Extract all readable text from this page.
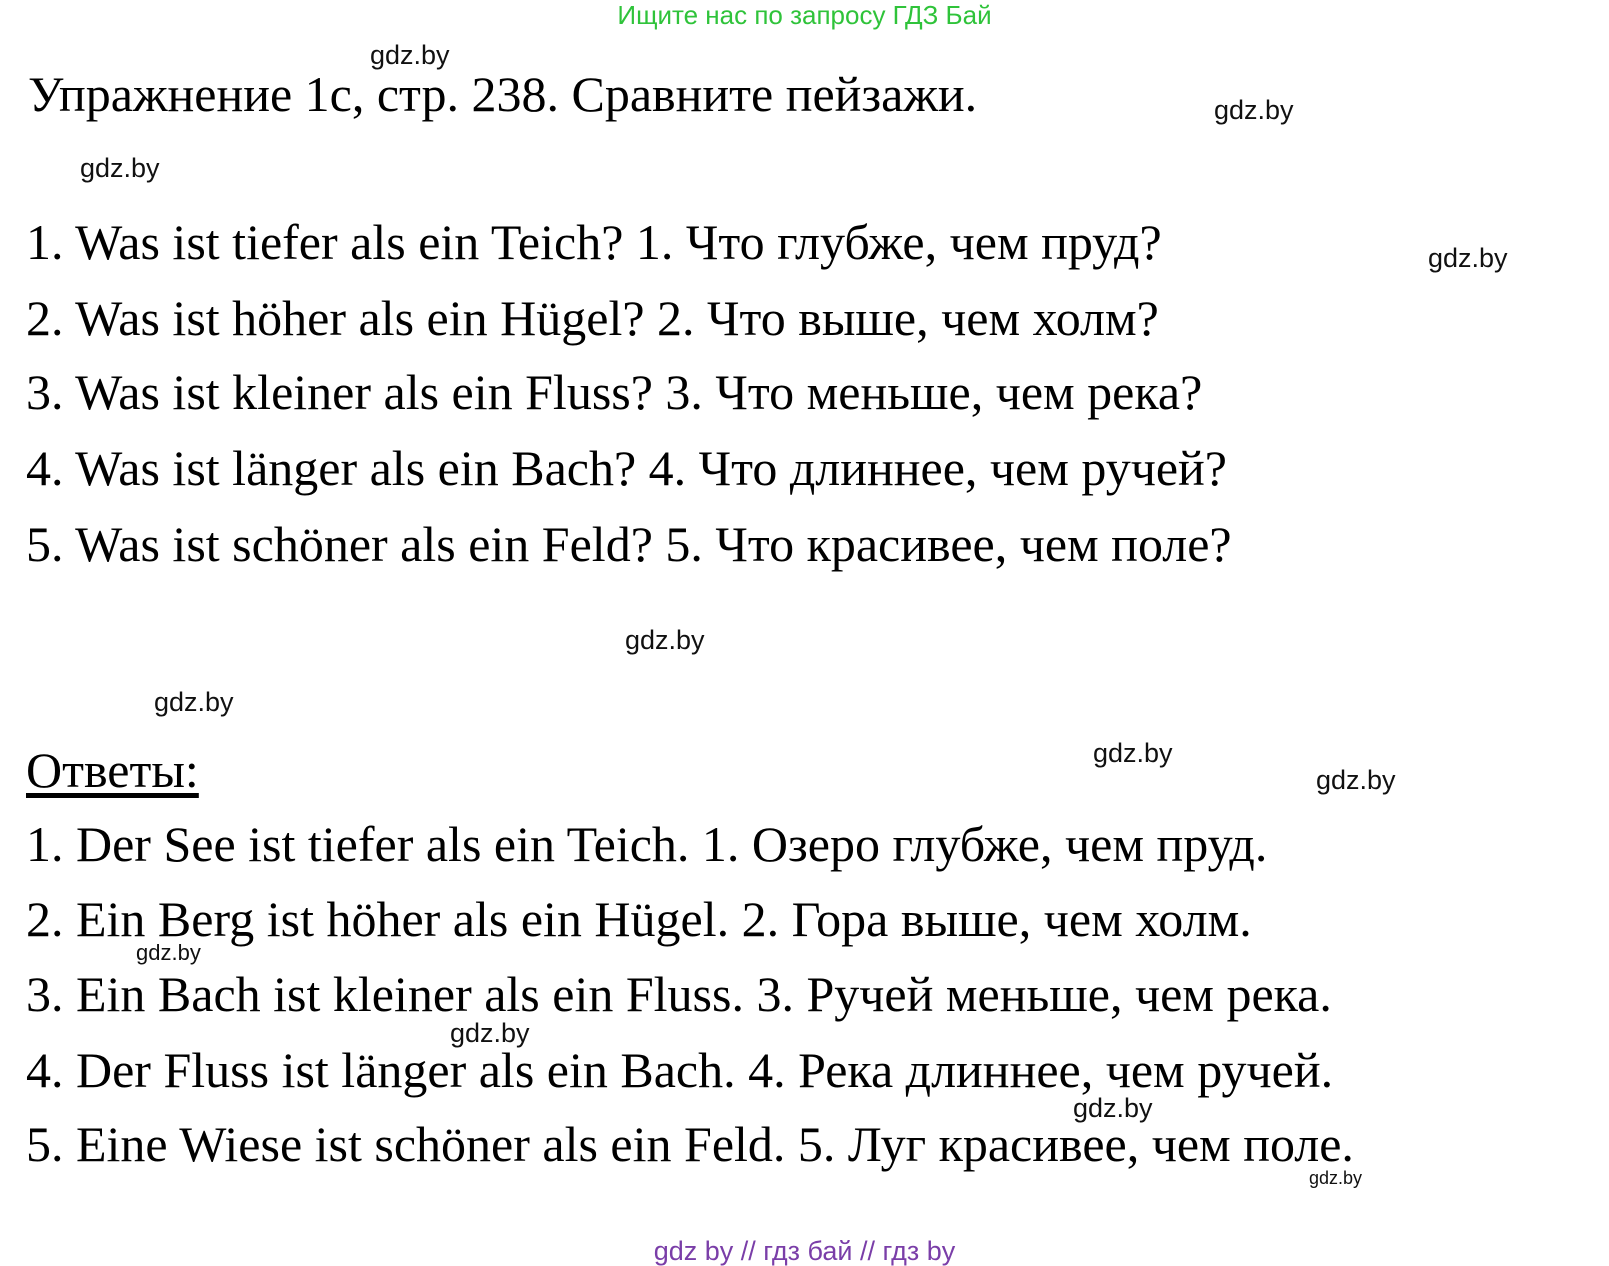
Ищите нас по запросу ГДЗ Бай
Упражнение 1с, стр. 238. Сравните пейзажи.
1. Was ist tiefer als ein Teich? 1. Что глубже, чем пруд?
2. Was ist höher als ein Hügel? 2. Что выше, чем холм?
3. Was ist kleiner als ein Fluss? 3. Что меньше, чем река?
4. Was ist länger als ein Bach? 4. Что длиннее, чем ручей?
5. Was ist schöner als ein Feld? 5. Что красивее, чем поле?
Ответы:
1. Der See ist tiefer als ein Teich. 1. Озеро глубже, чем пруд.
2. Ein Berg ist höher als ein Hügel. 2. Гора выше, чем холм.
3. Ein Bach ist kleiner als ein Fluss. 3. Ручей меньше, чем река.
4. Der Fluss ist länger als ein Bach. 4. Река длиннее, чем ручей.
5. Eine Wiese ist schöner als ein Feld. 5. Луг красивее, чем поле.
gdz.by
gdz.by
gdz.by
gdz.by
gdz.by
gdz.by
gdz.by
gdz.by
gdz.by
gdz.by
gdz.by
gdz.by
gdz by // гдз бай // гдз by
